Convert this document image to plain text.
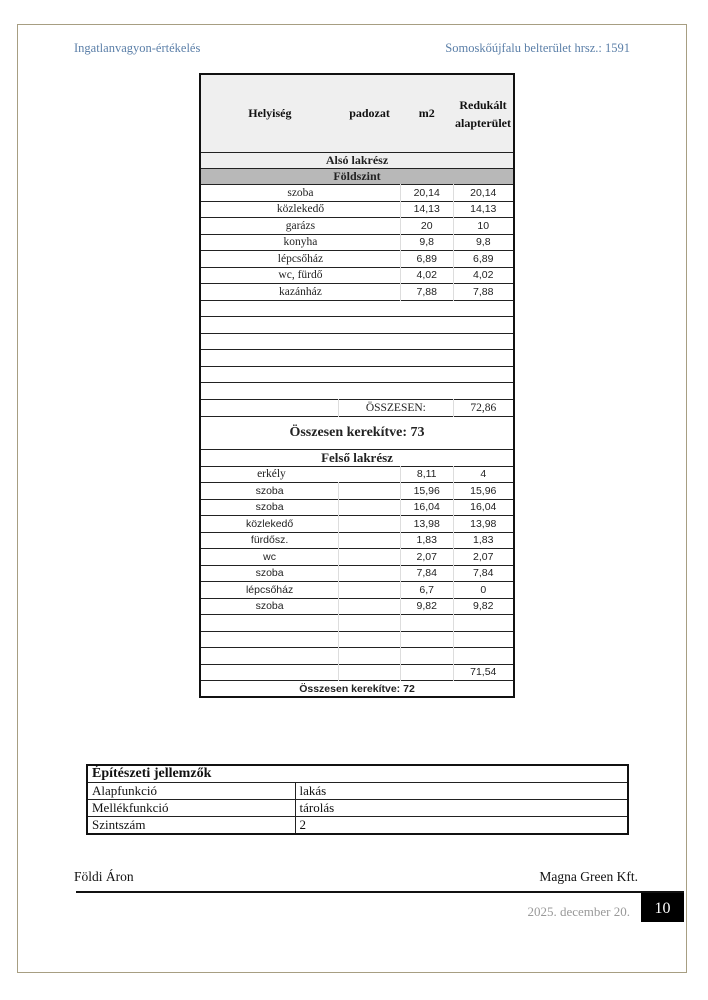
Ingatlanvagyon-értékelés	Somoskőújfalu belterület hrsz.: 1591
Helyiség	padozat	m2	Redukált alapterület
Alsó lakrész			
Földszint			
szoba		20,14	20,14
közlekedő		14,13	14,13
garázs		20	10
konyha		9,8	9,8
lépcsőház		6,89	6,89
wc, fürdő		4,02	4,02
kazánház		7,88	7,88

	ÖSSZESEN:		72,86
Összesen kerekítve: 73			
Felső lakrész			
erkély		8,11	4
szoba		15,96	15,96
szoba		16,04	16,04
közlekedő		13,98	13,98
fürdősz.		1,83	1,83
wc		2,07	2,07
szoba		7,84	7,84
lépcsőház		6,7	0
szoba		9,82	9,82

			71,54
Összesen kerekítve: 72			
Építészeti jellemzők	
Alapfunkció	lakás
Mellékfunkció	tárolás
Szintszám	2
Földi Áron	Magna Green Kft.
2025. december 20.	10
